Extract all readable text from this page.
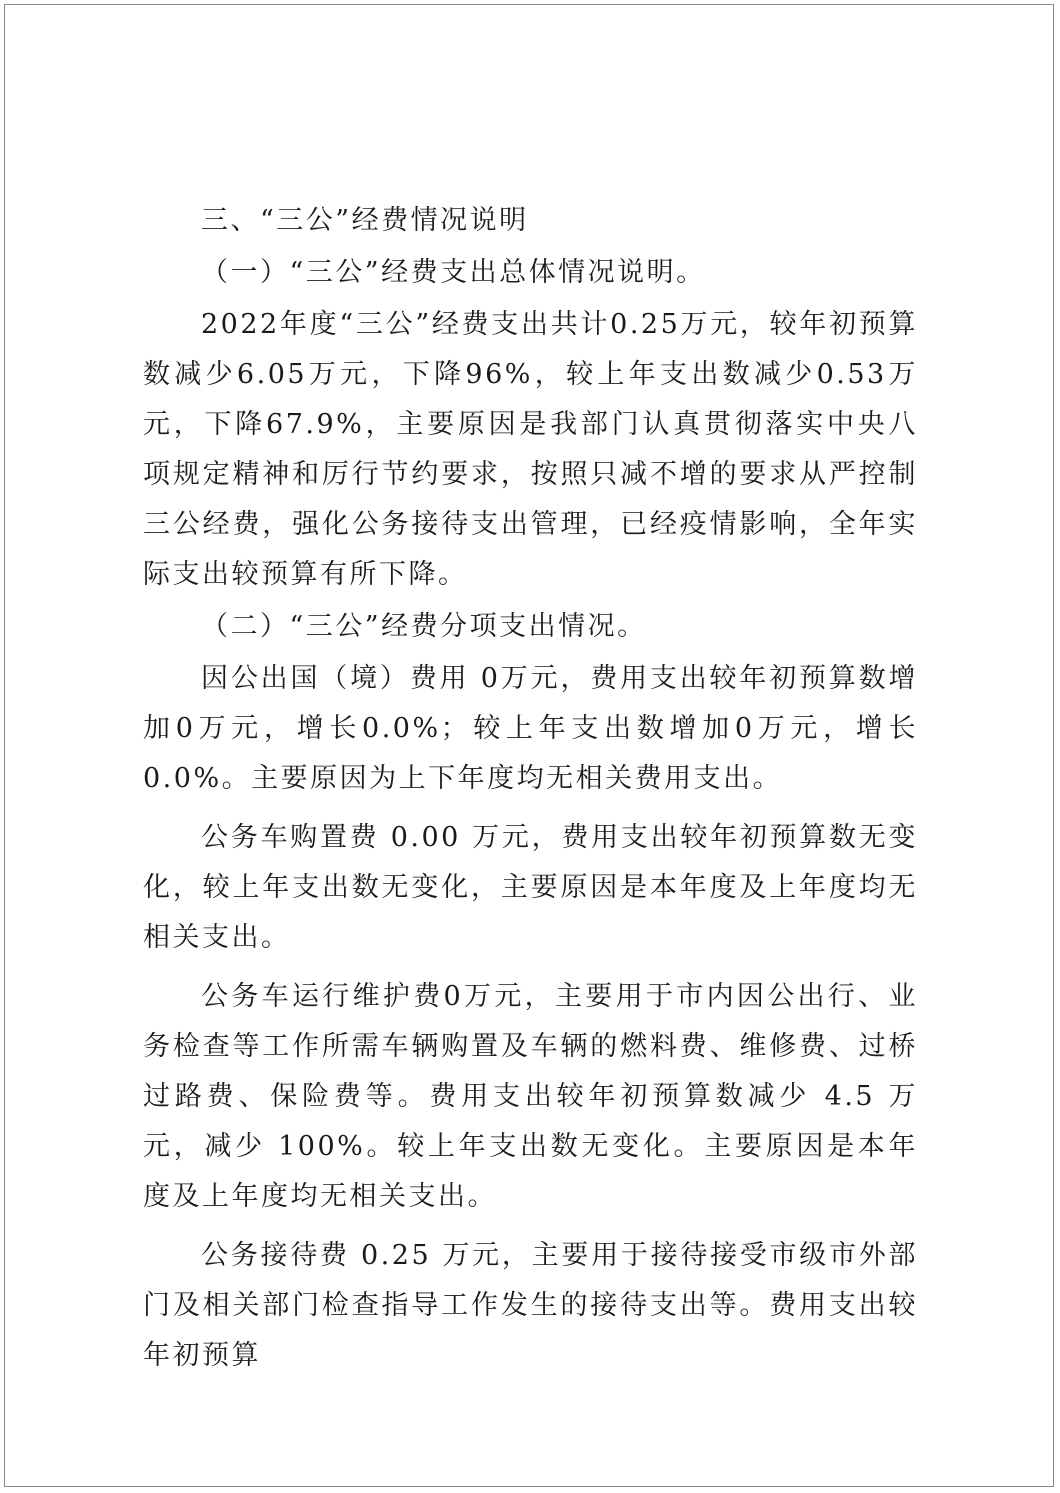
三、“三公”经费情况说明

（一）“三公”经费支出总体情况说明。

2022年度“三公”经费支出共计0.25万元，较年初预算数减少6.05万元，下降96%，较上年支出数减少0.53万元，下降67.9%，主要原因是我部门认真贯彻落实中央八项规定精神和厉行节约要求，按照只减不增的要求从严控制三公经费，强化公务接待支出管理，已经疫情影响，全年实际支出较预算有所下降。

（二）“三公”经费分项支出情况。

因公出国（境）费用 0万元，费用支出较年初预算数增加0万元，增长0.0%；较上年支出数增加0万元，增长0.0%。主要原因为上下年度均无相关费用支出。

公务车购置费 0.00 万元，费用支出较年初预算数无变化，较上年支出数无变化，主要原因是本年度及上年度均无相关支出。

公务车运行维护费0万元，主要用于市内因公出行、业务检查等工作所需车辆购置及车辆的燃料费、维修费、过桥过路费、保险费等。费用支出较年初预算数减少 4.5 万元，减少 100%。较上年支出数无变化。主要原因是本年度及上年度均无相关支出。

公务接待费 0.25 万元，主要用于接待接受市级市外部门及相关部门检查指导工作发生的接待支出等。费用支出较年初预算
